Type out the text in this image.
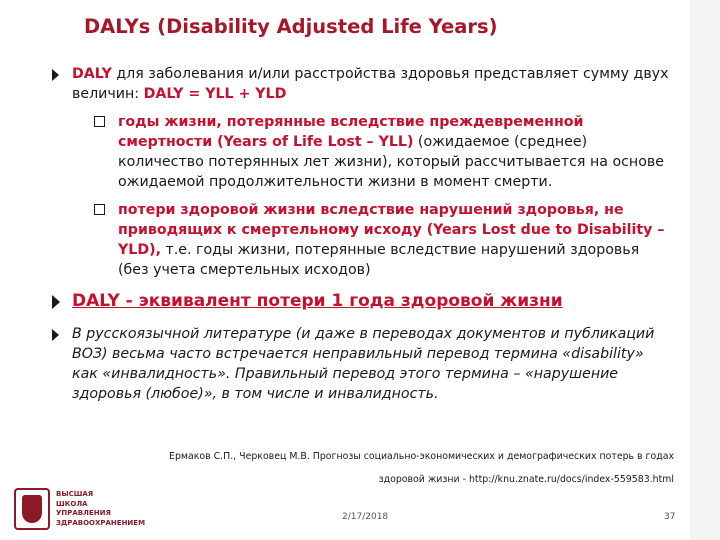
DALYs (Disability Adjusted Life Years)
DALY для заболевания и/или расстройства здоровья представляет сумму двух величин: DALY = YLL + YLD
годы жизни, потерянные вследствие преждевременной смертности (Years of Life Lost – YLL) (ожидаемое (среднее) количество потерянных лет жизни), который рассчитывается на основе ожидаемой продолжительности жизни в момент смерти.
потери здоровой жизни вследствие нарушений здоровья, не приводящих к смертельному исходу (Years Lost due to Disability – YLD), т.е. годы жизни, потерянные вследствие нарушений здоровья (без учета смертельных исходов)
DALY - эквивалент потери 1 года здоровой жизни
В русскоязычной литературе (и даже в переводах документов и публикаций ВОЗ) весьма часто встречается неправильный перевод термина «disability» как «инвалидность». Правильный перевод этого термина – «нарушение здоровья (любое)», в том числе и инвалидность.
Ермаков С.П., Черковец М.В. Прогнозы социально-экономических и демографических потерь в годах
здоровой жизни - http://knu.znate.ru/docs/index-559583.html
ВЫСШАЯ
ШКОЛА
УПРАВЛЕНИЯ
ЗДРАВООХРАНЕНИЕМ
2/17/2018	37
